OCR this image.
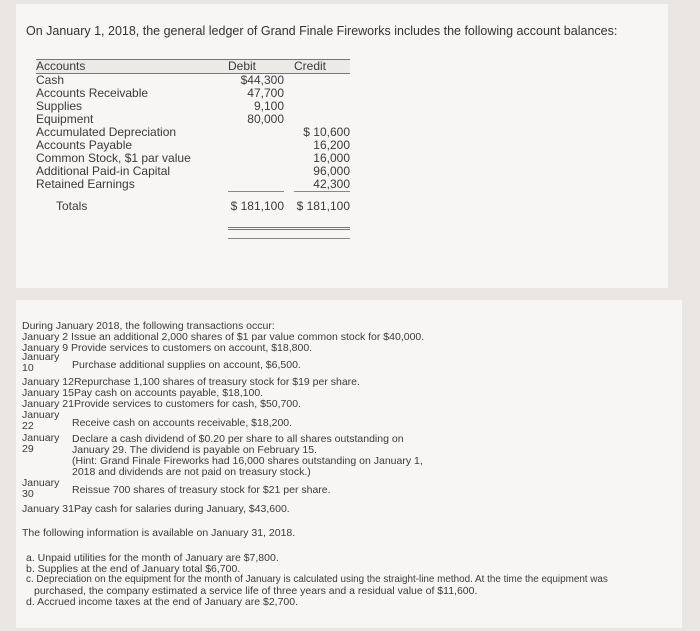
On January 1, 2018, the general ledger of Grand Finale Fireworks includes the following account balances:
Accounts	Debit		Credit
Cash	$44,300		
Accounts Receivable	47,700		
Supplies	9,100		
Equipment	80,000		
Accumulated Depreciation			$ 10,600
Accounts Payable			16,200
Common Stock, $1 par value			16,000
Additional Paid-in Capital			96,000
Retained Earnings			42,300
Totals	$ 181,100		$ 181,100

During January 2018, the following transactions occur:
January 2 Issue an additional 2,000 shares of $1 par value common stock for $40,000.
January 9 Provide services to customers on account, $18,800.
January 10	Purchase additional supplies on account, $6,500.
January 12Repurchase 1,100 shares of treasury stock for $19 per share.
January 15Pay cash on accounts payable, $18,100.
January 21Provide services to customers for cash, $50,700.
January 22	Receive cash on accounts receivable, $18,200.
January 29
Declare a cash dividend of $0.20 per share to all shares outstanding on
January 29. The dividend is payable on February 15.
(Hint: Grand Finale Fireworks had 16,000 shares outstanding on January 1,
2018 and dividends are not paid on treasury stock.)
January 30	Reissue 700 shares of treasury stock for $21 per share.
January 31Pay cash for salaries during January, $43,600.
The following information is available on January 31, 2018.
a. Unpaid utilities for the month of January are $7,800.
b. Supplies at the end of January total $6,700.
c. Depreciation on the equipment for the month of January is calculated using the straight-line method. At the time the equipment was
purchased, the company estimated a service life of three years and a residual value of $11,600.
d. Accrued income taxes at the end of January are $2,700.
